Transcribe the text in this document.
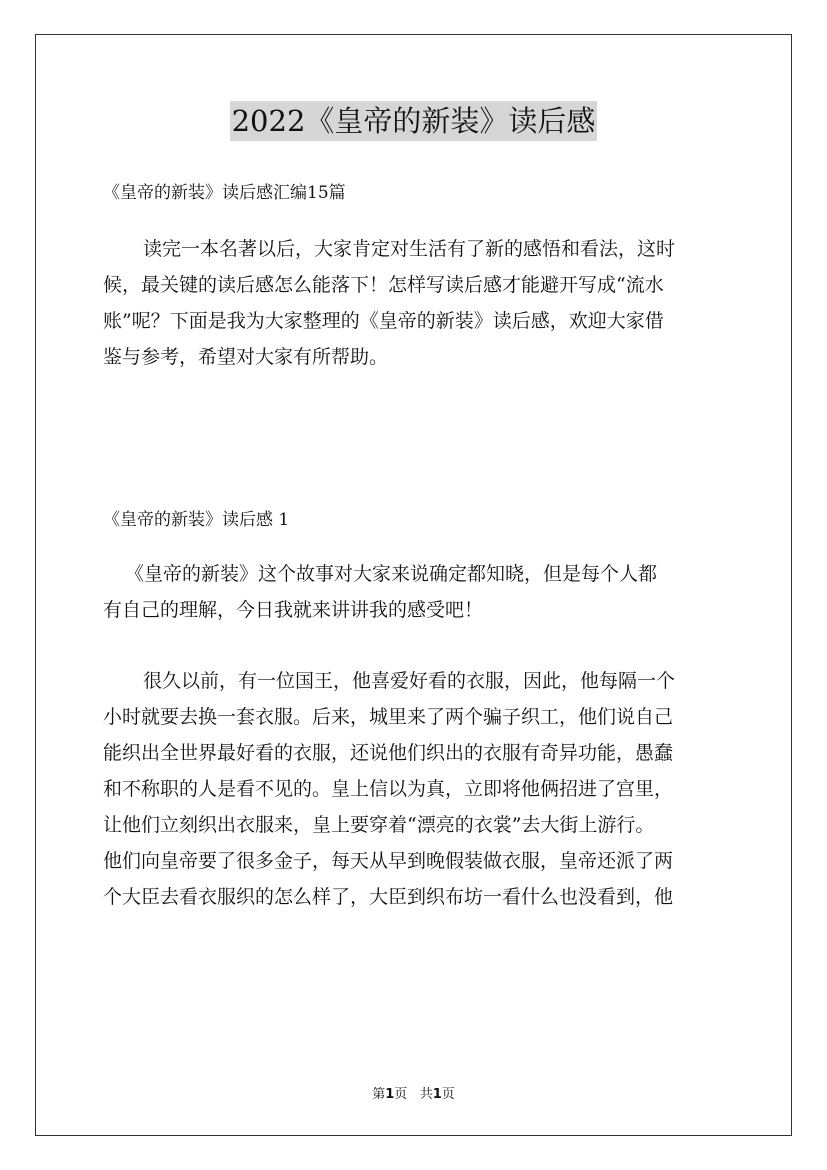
2022《皇帝的新装》读后感

《皇帝的新装》读后感汇编15篇

读完一本名著以后，大家肯定对生活有了新的感悟和看法，这时
候，最关键的读后感怎么能落下！怎样写读后感才能避开写成“流水
账”呢？下面是我为大家整理的《皇帝的新装》读后感，欢迎大家借
鉴与参考，希望对大家有所帮助。

《皇帝的新装》读后感 1

《皇帝的新装》这个故事对大家来说确定都知晓，但是每个人都
有自己的理解，今日我就来讲讲我的感受吧！
很久以前，有一位国王，他喜爱好看的衣服，因此，他每隔一个
小时就要去换一套衣服。后来，城里来了两个骗子织工，他们说自己
能织出全世界最好看的衣服，还说他们织出的衣服有奇异功能，愚蠢
和不称职的人是看不见的。皇上信以为真，立即将他俩招进了宫里，
让他们立刻织出衣服来，皇上要穿着“漂亮的衣裳”去大街上游行。
他们向皇帝要了很多金子，每天从早到晚假装做衣服，皇帝还派了两
个大臣去看衣服织的怎么样了，大臣到织布坊一看什么也没看到，他
第1页 共1页
